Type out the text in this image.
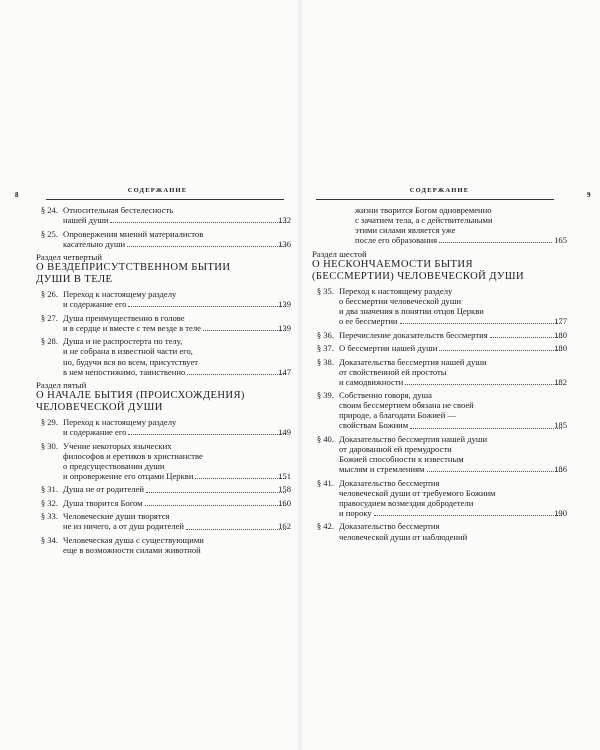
8
СОДЕРЖАНИЕ
§ 24. Относительная бестелесность
нашей души	132
§ 25. Опровержения мнений материалистов
касательно души	136
Раздел четвертый
О ВЕЗДЕПРИСУТСТВЕННОМ БЫТИИ
ДУШИ В ТЕЛЕ
§ 26. Переход к настоящему разделу
и содержание его	139
§ 27. Душа преимущественно в голове
и в сердце и вместе с тем везде в теле	139
§ 28. Душа и не распростерта по телу,
и не собрана в известной части его,
но, будучи вся во всем, присутствует
в нем непостижимо, таинственно	147
Раздел пятый
О НАЧАЛЕ БЫТИЯ (ПРОИСХОЖДЕНИЯ)
ЧЕЛОВЕЧЕСКОЙ ДУШИ
§ 29. Переход к настоящему разделу
и содержание его	149
§ 30. Учение некоторых языческих
философов и еретиков в христианстве
о предсуществовании души
и опровержение его отцами Церкви	151
§ 31. Душа не от родителей	158
§ 32. Душа творится Богом	160
§ 33. Человеческие души творятся
не из ничего, а от душ родителей	162
§ 34. Человеческая душа с существующими
еще в возможности силами животной
9
СОДЕРЖАНИЕ
жизни творится Богом одновременно
с зачатием тела, а с действительными
этими силами является уже
после его образования	165
Раздел шестой
О НЕСКОНЧАЕМОСТИ БЫТИЯ
(БЕССМЕРТИИ) ЧЕЛОВЕЧЕСКОЙ ДУШИ
§ 35. Переход к настоящему разделу
о бессмертии человеческой души
и два значения в понятии отцов Церкви
о ее бессмертии	177
§ 36. Перечисление доказательств бессмертия	180
§ 37. О бессмертии нашей души	180
§ 38. Доказательства бессмертия нашей души
от свойственной ей простоты
и самодвижности	182
§ 39. Собственно говоря, душа
своим бессмертием обязана не своей
природе, а благодати Божией —
свойствам Божиим	185
§ 40. Доказательство бессмертия нашей души
от дарованной ей премудрости
Божией способности к известным
мыслям и стремлениям	186
§ 41. Доказательство бессмертия
человеческой души от требуемого Божиим
правосудием возмездия добродетели
и пороку	190
§ 42. Доказательство бессмертия
человеческой души от наблюдений
